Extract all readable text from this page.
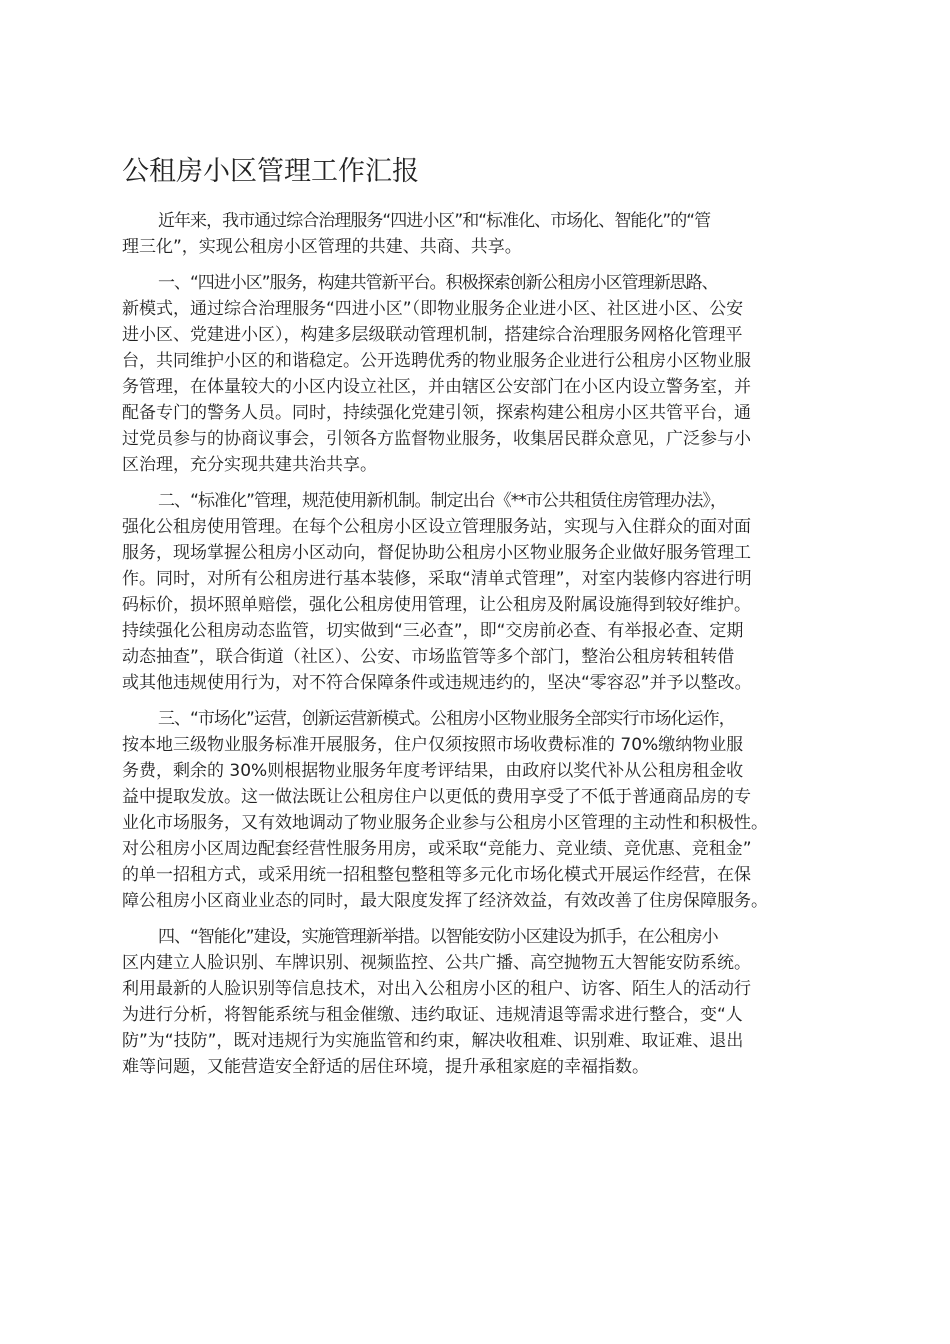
公租房小区管理工作汇报
近年来，我市通过综合治理服务“四进小区”和“标准化、市场化、智能化”的“管
理三化”，实现公租房小区管理的共建、共商、共享。
一、“四进小区”服务，构建共管新平台。积极探索创新公租房小区管理新思路、
新模式，通过综合治理服务“四进小区”（即物业服务企业进小区、社区进小区、公安
进小区、党建进小区），构建多层级联动管理机制，搭建综合治理服务网格化管理平
台，共同维护小区的和谐稳定。公开选聘优秀的物业服务企业进行公租房小区物业服
务管理，在体量较大的小区内设立社区，并由辖区公安部门在小区内设立警务室，并
配备专门的警务人员。同时，持续强化党建引领，探索构建公租房小区共管平台，通
过党员参与的协商议事会，引领各方监督物业服务，收集居民群众意见，广泛参与小
区治理，充分实现共建共治共享。
二、“标准化”管理，规范使用新机制。制定出台《**市公共租赁住房管理办法》，
强化公租房使用管理。在每个公租房小区设立管理服务站，实现与入住群众的面对面
服务，现场掌握公租房小区动向，督促协助公租房小区物业服务企业做好服务管理工
作。同时，对所有公租房进行基本装修，采取“清单式管理”，对室内装修内容进行明
码标价，损坏照单赔偿，强化公租房使用管理，让公租房及附属设施得到较好维护。
持续强化公租房动态监管，切实做到“三必查”，即“交房前必查、有举报必查、定期
动态抽查”，联合街道（社区）、公安、市场监管等多个部门，整治公租房转租转借
或其他违规使用行为，对不符合保障条件或违规违约的，坚决“零容忍”并予以整改。
三、“市场化”运营，创新运营新模式。公租房小区物业服务全部实行市场化运作，
按本地三级物业服务标准开展服务，住户仅须按照市场收费标准的 70%缴纳物业服
务费，剩余的 30%则根据物业服务年度考评结果，由政府以奖代补从公租房租金收
益中提取发放。这一做法既让公租房住户以更低的费用享受了不低于普通商品房的专
业化市场服务，又有效地调动了物业服务企业参与公租房小区管理的主动性和积极性。
对公租房小区周边配套经营性服务用房，或采取“竞能力、竞业绩、竞优惠、竞租金”
的单一招租方式，或采用统一招租整包整租等多元化市场化模式开展运作经营，在保
障公租房小区商业业态的同时，最大限度发挥了经济效益，有效改善了住房保障服务。
四、“智能化”建设，实施管理新举措。以智能安防小区建设为抓手，在公租房小
区内建立人脸识别、车牌识别、视频监控、公共广播、高空抛物五大智能安防系统。
利用最新的人脸识别等信息技术，对出入公租房小区的租户、访客、陌生人的活动行
为进行分析，将智能系统与租金催缴、违约取证、违规清退等需求进行整合，变“人
防”为“技防”，既对违规行为实施监管和约束，解决收租难、识别难、取证难、退出
难等问题，又能营造安全舒适的居住环境，提升承租家庭的幸福指数。
